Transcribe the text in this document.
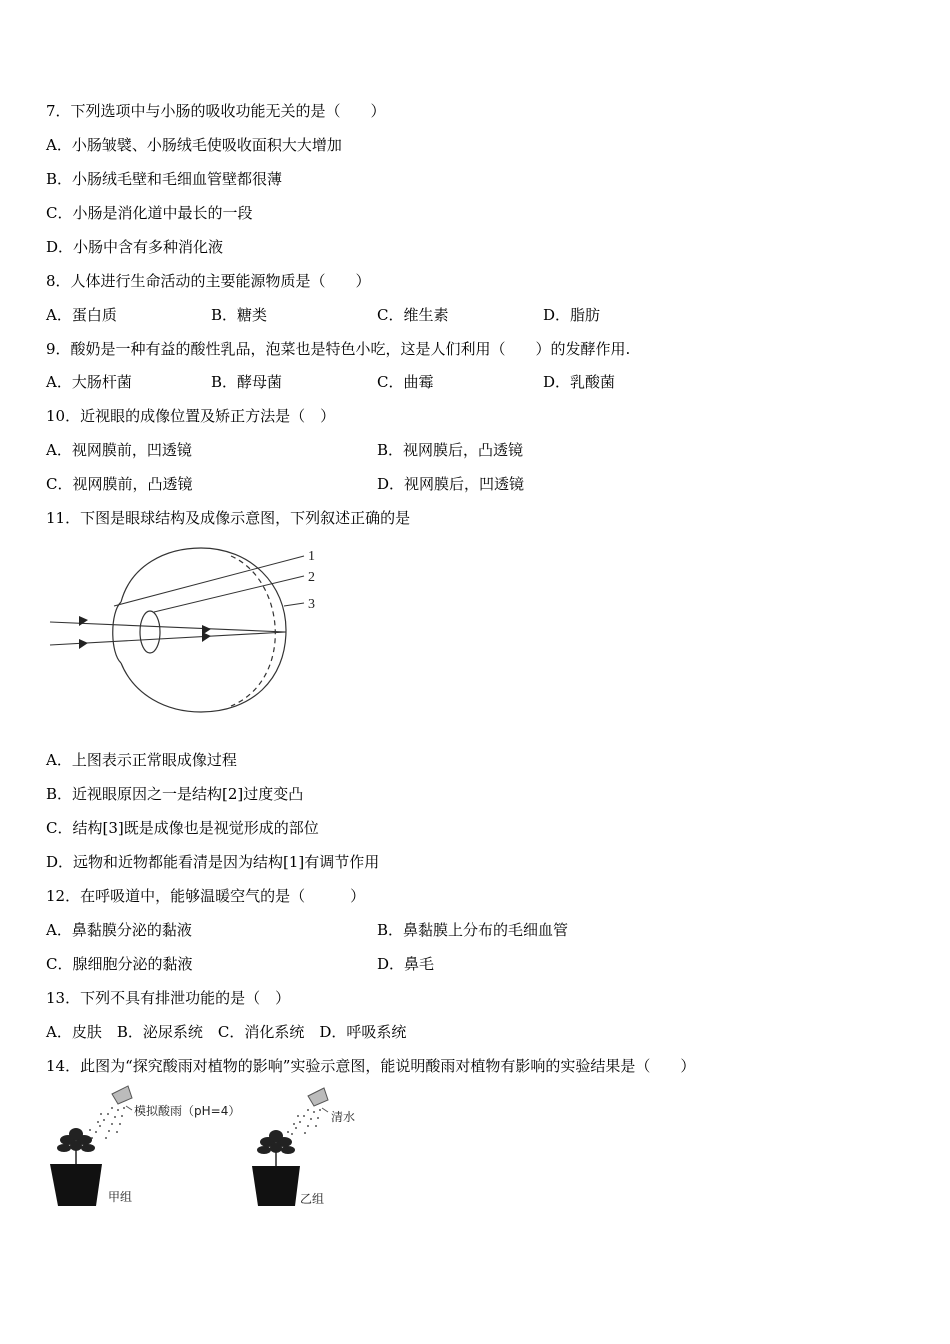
7．下列选项中与小肠的吸收功能无关的是（　　）
A．小肠皱襞、小肠绒毛使吸收面积大大增加
B．小肠绒毛壁和毛细血管壁都很薄
C．小肠是消化道中最长的一段
D．小肠中含有多种消化液
8．人体进行生命活动的主要能源物质是（　　）
A．蛋白质	B．糖类	C．维生素	D．脂肪
9．酸奶是一种有益的酸性乳品，泡菜也是特色小吃，这是人们利用（　　）的发酵作用.
A．大肠杆菌	B．酵母菌	C．曲霉	D．乳酸菌
10．近视眼的成像位置及矫正方法是（　）
A．视网膜前，凹透镜	B．视网膜后，凸透镜
C．视网膜前，凸透镜	D．视网膜后，凹透镜
11．下图是眼球结构及成像示意图，下列叙述正确的是
1
2
3
A．上图表示正常眼成像过程
B．近视眼原因之一是结构[2]过度变凸
C．结构[3]既是成像也是视觉形成的部位
D．远物和近物都能看清是因为结构[1]有调节作用
12．在呼吸道中，能够温暖空气的是（　　　）
A．鼻黏膜分泌的黏液	B．鼻黏膜上分布的毛细血管
C．腺细胞分泌的黏液	D．鼻毛
13．下列不具有排泄功能的是（　）
A．皮肤　B．泌尿系统　C．消化系统　D．呼吸系统
14．此图为“探究酸雨对植物的影响”实验示意图，能说明酸雨对植物有影响的实验结果是（　　）
模拟酸雨（pH=4）
甲组
清水
乙组
